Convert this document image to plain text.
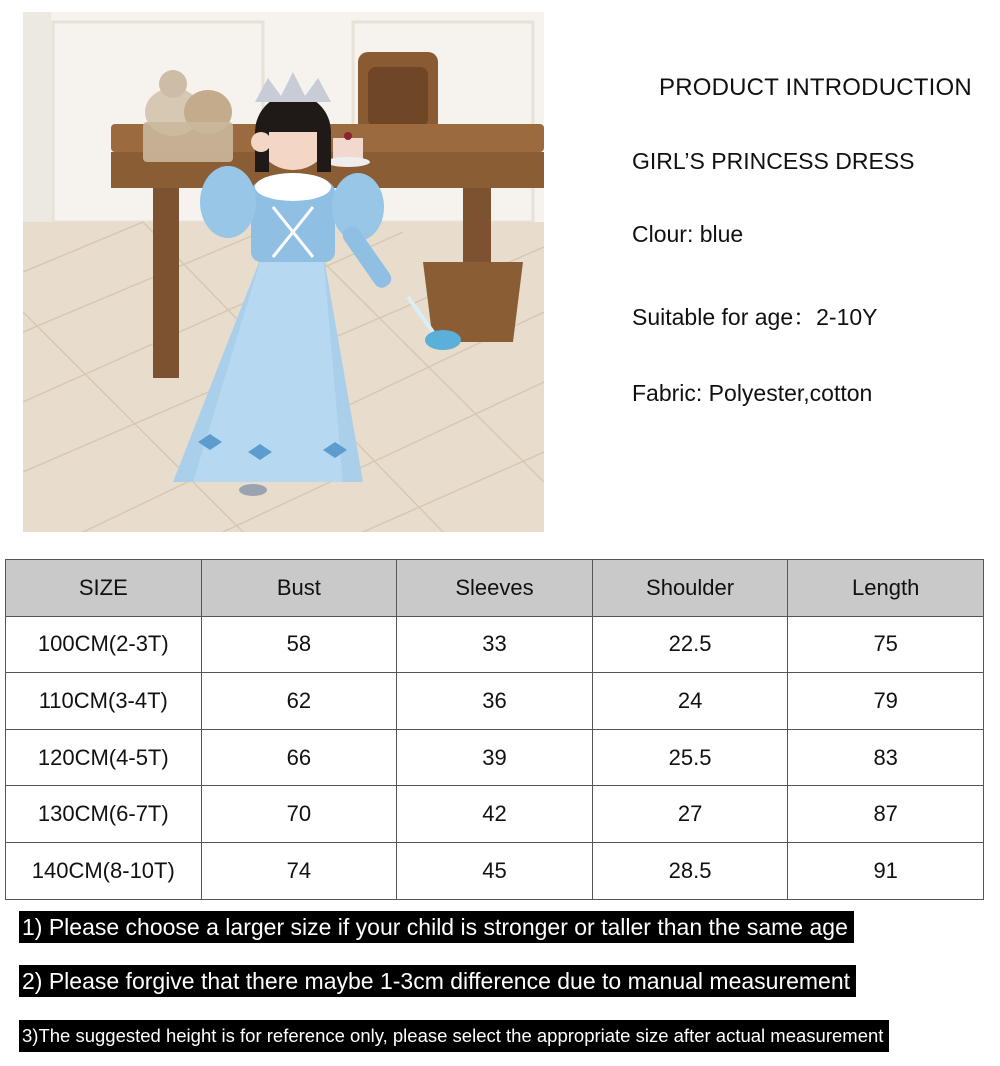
PRODUCT INTRODUCTION
GIRL’S PRINCESS DRESS
Clour: blue
Suitable for age：2-10Y
Fabric: Polyester,cotton
SIZE	Bust	Sleeves	Shoulder	Length
100CM(2-3T)	58	33	22.5	75
110CM(3-4T)	62	36	24	79
120CM(4-5T)	66	39	25.5	83
130CM(6-7T)	70	42	27	87
140CM(8-10T)	74	45	28.5	91
1) Please choose a larger size if your child is stronger or taller than the same age
2) Please forgive that there maybe 1-3cm difference due to manual measurement
3)The suggested height is for reference only, please select the appropriate size after actual measurement
